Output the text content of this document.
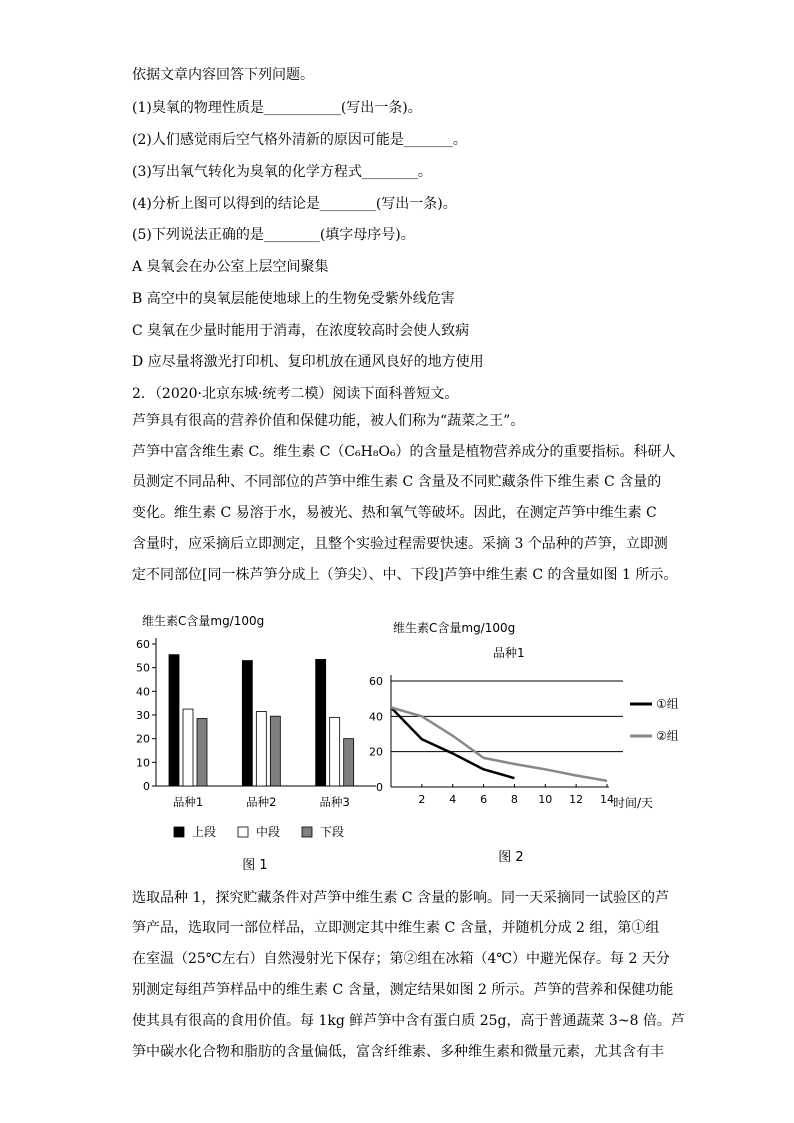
依据文章内容回答下列问题。
(1)臭氧的物理性质是___________(写出一条)。
(2)人们感觉雨后空气格外清新的原因可能是_______。
(3)写出氧气转化为臭氧的化学方程式________。
(4)分析上图可以得到的结论是________(写出一条)。
(5)下列说法正确的是________(填字母序号)。
A 臭氧会在办公室上层空间聚集
B 高空中的臭氧层能使地球上的生物免受紫外线危害
C 臭氧在少量时能用于消毒，在浓度较高时会使人致病
D 应尽量将激光打印机、复印机放在通风良好的地方使用
2．（2020·北京东城·统考二模）阅读下面科普短文。
芦笋具有很高的营养价值和保健功能，被人们称为“蔬菜之王”。
芦笋中富含维生素 C。维生素 C（C₆H₈O₆）的含量是植物营养成分的重要指标。科研人
员测定不同品种、不同部位的芦笋中维生素 C 含量及不同贮藏条件下维生素 C 含量的
变化。维生素 C 易溶于水，易被光、热和氧气等破坏。因此，在测定芦笋中维生素 C
含量时，应采摘后立即测定，且整个实验过程需要快速。采摘 3 个品种的芦笋，立即测
定不同部位[同一株芦笋分成上（笋尖）、中、下段]芦笋中维生素 C 的含量如图 1 所示。
维生素C含量mg/100g
0
10
20
30
40
50
60
品种1	品种2	品种3
上段	中段	下段
图 1
维生素C含量mg/100g
品种1
0
20
40
60
2 4 6 8 10 12 14 时间/天
①组
②组
图 2
选取品种 1，探究贮藏条件对芦笋中维生素 C 含量的影响。同一天采摘同一试验区的芦
笋产品，选取同一部位样品，立即测定其中维生素 C 含量，并随机分成 2 组，第①组
在室温（25℃左右）自然漫射光下保存；第②组在冰箱（4℃）中避光保存。每 2 天分
别测定每组芦笋样品中的维生素 C 含量，测定结果如图 2 所示。芦笋的营养和保健功能
使其具有很高的食用价值。每 1kg 鲜芦笋中含有蛋白质 25g，高于普通蔬菜 3~8 倍。芦
笋中碳水化合物和脂肪的含量偏低，富含纤维素、多种维生素和微量元素，尤其含有丰
